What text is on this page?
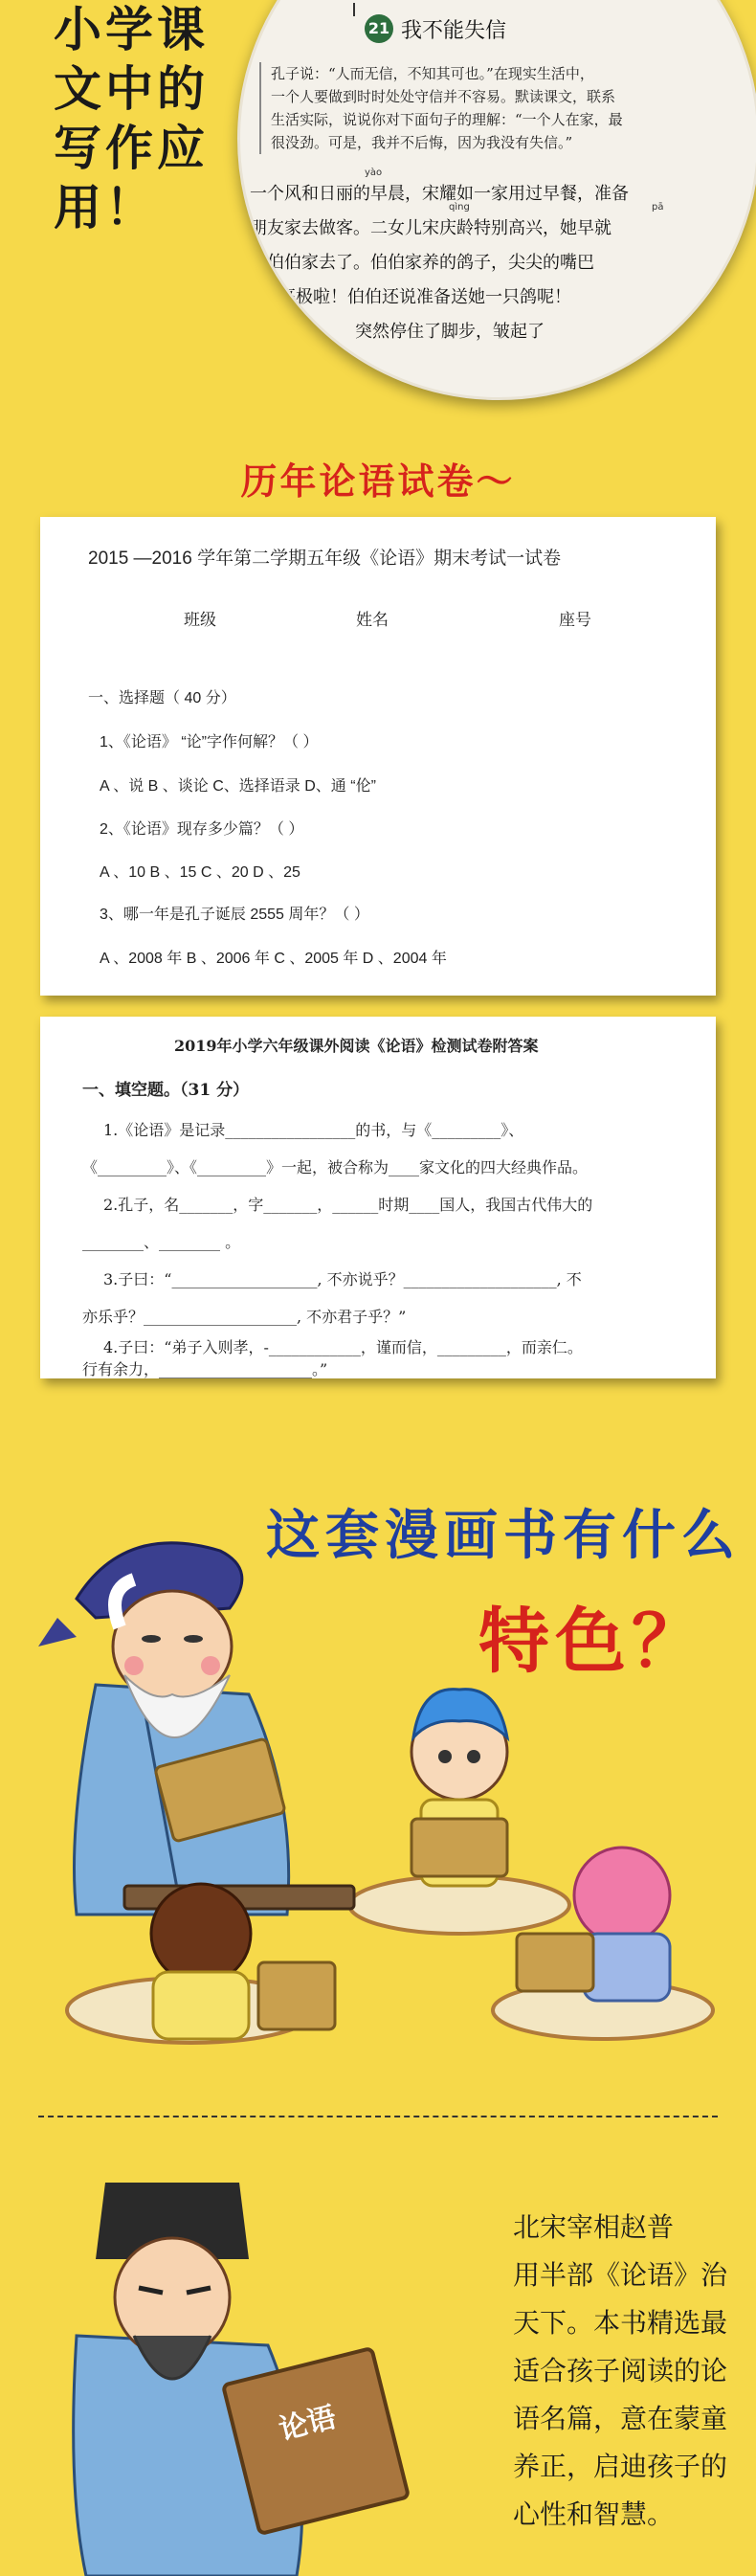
小学课
文中的
写作应
用！
21 我不能失信
孔子说：“人而无信，不知其可也。”在现实生活中，
一个人要做到时时处处守信并不容易。默读课文，联系
生活实际，说说你对下面句子的理解：“一个人在家，最
很没劲。可是，我并不后悔，因为我没有失信。”
yào
一个风和日丽的早晨，宋耀如一家用过早餐，准备
qìng
朋友家去做客。二女儿宋庆龄特别高兴，她早就
pā
伯伯家去了。伯伯家养的鸽子，尖尖的嘴巴
亮极啦！伯伯还说准备送她一只鸽呢！
突然停住了脚步，皱起了
历年论语试卷～
2015 —2016 学年第二学期五年级《论语》期末考试一试卷
班级	姓名	座号
一、选择题（ 40 分）
1、《论语》 “论”字作何解？（ ）
A 、说 B 、谈论 C、选择语录 D、通 “伦”
2、《论语》现存多少篇？（ ）
A 、10 B 、15 C 、20 D 、25
3、哪一年是孔子诞辰 2555 周年？（ ）
A 、2008 年 B 、2006 年 C 、2005 年 D 、2004 年
2019年小学六年级课外阅读《论语》检测试卷附答案
一、填空题。（31 分）
1.《论语》是记录_________________的书，与《_________》、
《_________》、《_________》一起，被合称为____家文化的四大经典作品。
2.孔子，名_______，字_______，______时期____国人，我国古代伟大的
________、________ 。
3.子曰：“___________________, 不亦说乎？____________________, 不
亦乐乎？____________________, 不亦君子乎？”
4.子曰：“弟子入则孝，-____________，谨而信，_________，而亲仁。
行有余力，____________________。”
这套漫画书有什么
特色？
论语
北宋宰相赵普
用半部《论语》治
天下。本书精选最
适合孩子阅读的论
语名篇，意在蒙童
养正，启迪孩子的
心性和智慧。
